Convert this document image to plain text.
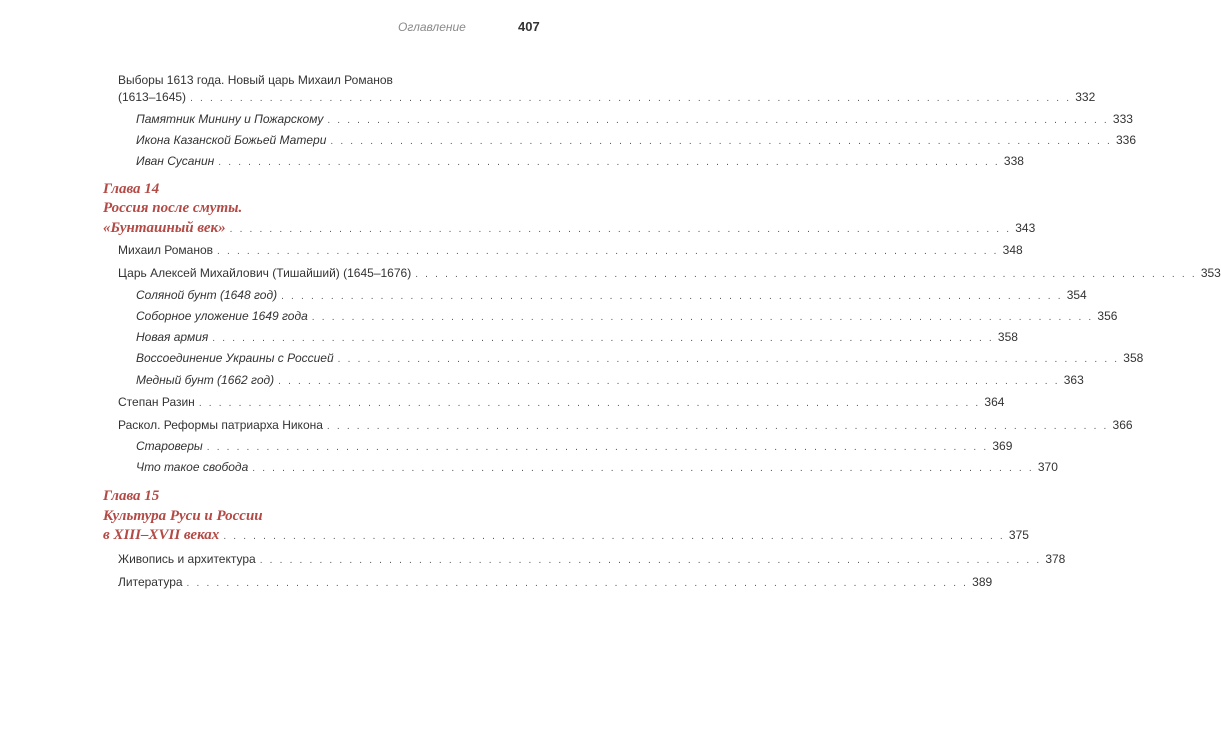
Оглавление	407
Выборы 1613 года. Новый царь Михаил Романов
(1613–1645) . . . . . . . . . . . . . . . . . . . . . . . . . . . . . . . . . . . . . . . . . . . . . . . . . . . . . . . . . . . . . . . . . . . . . . . . . . . . . . . . . . . . . . . . . 332
Памятник Минину и Пожарскому . . . . . . . . . . . . . . . . . . . . . . . . . . . . . . . . . . . . . . . . . . . . . . . . . . . . . . . . . . . . . . . . . . . . . . . . . . . . . . . 333
Икона Казанской Божьей Матери . . . . . . . . . . . . . . . . . . . . . . . . . . . . . . . . . . . . . . . . . . . . . . . . . . . . . . . . . . . . . . . . . . . . . . . . . . . . . . . 336
Иван Сусанин . . . . . . . . . . . . . . . . . . . . . . . . . . . . . . . . . . . . . . . . . . . . . . . . . . . . . . . . . . . . . . . . . . . . . . . . . . . . . . . 338
Глава 14
Россия после смуты.
«Бунташный век» . . . . . . . . . . . . . . . . . . . . . . . . . . . . . . . . . . . . . . . . . . . . . . . . . . . . . . . . . . . . . . . . . . . . . . . . . . . . . . . 343
Михаил Романов . . . . . . . . . . . . . . . . . . . . . . . . . . . . . . . . . . . . . . . . . . . . . . . . . . . . . . . . . . . . . . . . . . . . . . . . . . . . . . . 348
Царь Алексей Михайлович (Тишайший) (1645–1676) . . . . . . . . . . . . . . . . . . . . . . . . . . . . . . . . . . . . . . . . . . . . . . . . . . . . . . . . . . . . . . . . . . . . . . . . . . . . . . . 353
Соляной бунт (1648 год) . . . . . . . . . . . . . . . . . . . . . . . . . . . . . . . . . . . . . . . . . . . . . . . . . . . . . . . . . . . . . . . . . . . . . . . . . . . . . . . 354
Соборное уложение 1649 года . . . . . . . . . . . . . . . . . . . . . . . . . . . . . . . . . . . . . . . . . . . . . . . . . . . . . . . . . . . . . . . . . . . . . . . . . . . . . . . 356
Новая армия . . . . . . . . . . . . . . . . . . . . . . . . . . . . . . . . . . . . . . . . . . . . . . . . . . . . . . . . . . . . . . . . . . . . . . . . . . . . . . . 358
Воссоединение Украины с Россией . . . . . . . . . . . . . . . . . . . . . . . . . . . . . . . . . . . . . . . . . . . . . . . . . . . . . . . . . . . . . . . . . . . . . . . . . . . . . . . 358
Медный бунт (1662 год) . . . . . . . . . . . . . . . . . . . . . . . . . . . . . . . . . . . . . . . . . . . . . . . . . . . . . . . . . . . . . . . . . . . . . . . . . . . . . . . 363
Степан Разин . . . . . . . . . . . . . . . . . . . . . . . . . . . . . . . . . . . . . . . . . . . . . . . . . . . . . . . . . . . . . . . . . . . . . . . . . . . . . . . 364
Раскол. Реформы патриарха Никона . . . . . . . . . . . . . . . . . . . . . . . . . . . . . . . . . . . . . . . . . . . . . . . . . . . . . . . . . . . . . . . . . . . . . . . . . . . . . . . 366
Староверы . . . . . . . . . . . . . . . . . . . . . . . . . . . . . . . . . . . . . . . . . . . . . . . . . . . . . . . . . . . . . . . . . . . . . . . . . . . . . . . 369
Что такое свобода . . . . . . . . . . . . . . . . . . . . . . . . . . . . . . . . . . . . . . . . . . . . . . . . . . . . . . . . . . . . . . . . . . . . . . . . . . . . . . . 370
Глава 15
Культура Руси и России
в XIII–XVII веках . . . . . . . . . . . . . . . . . . . . . . . . . . . . . . . . . . . . . . . . . . . . . . . . . . . . . . . . . . . . . . . . . . . . . . . . . . . . . . . 375
Живопись и архитектура . . . . . . . . . . . . . . . . . . . . . . . . . . . . . . . . . . . . . . . . . . . . . . . . . . . . . . . . . . . . . . . . . . . . . . . . . . . . . . . 378
Литература . . . . . . . . . . . . . . . . . . . . . . . . . . . . . . . . . . . . . . . . . . . . . . . . . . . . . . . . . . . . . . . . . . . . . . . . . . . . . . . 389
